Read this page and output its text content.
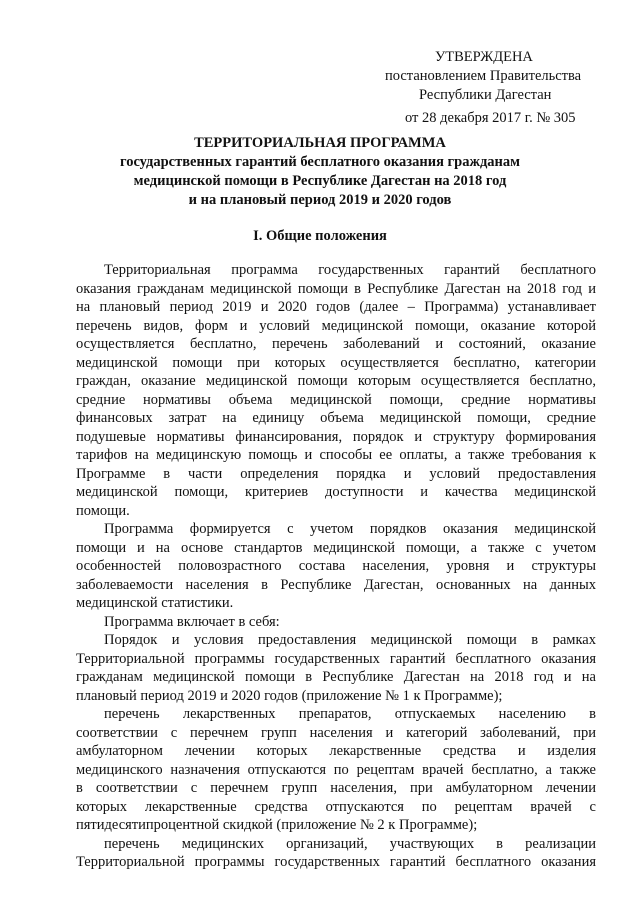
УТВЕРЖДЕНА
постановлением Правительства
Республики Дагестан
от 28 декабря 2017 г. № 305
ТЕРРИТОРИАЛЬНАЯ ПРОГРАММА
государственных гарантий бесплатного оказания гражданам
медицинской помощи в Республике Дагестан на 2018 год
и на плановый период 2019 и 2020 годов
I. Общие положения
Территориальная программа государственных гарантий бесплатного
оказания гражданам медицинской помощи в Республике Дагестан на 2018 год и
на плановый период 2019 и 2020 годов (далее – Программа) устанавливает
перечень видов, форм и условий медицинской помощи, оказание которой
осуществляется бесплатно, перечень заболеваний и состояний, оказание
медицинской помощи при которых осуществляется бесплатно, категории
граждан, оказание медицинской помощи которым осуществляется бесплатно,
средние нормативы объема медицинской помощи, средние нормативы
финансовых затрат на единицу объема медицинской помощи, средние
подушевые нормативы финансирования, порядок и структуру формирования
тарифов на медицинскую помощь и способы ее оплаты, а также требования к
Программе в части определения порядка и условий предоставления
медицинской помощи, критериев доступности и качества медицинской
помощи.
Программа формируется с учетом порядков оказания медицинской
помощи и на основе стандартов медицинской помощи, а также с учетом
особенностей половозрастного состава населения, уровня и структуры
заболеваемости населения в Республике Дагестан, основанных на данных
медицинской статистики.
Программа включает в себя:
Порядок и условия предоставления медицинской помощи в рамках
Территориальной программы государственных гарантий бесплатного оказания
гражданам медицинской помощи в Республике Дагестан на 2018 год и на
плановый период 2019 и 2020 годов (приложение № 1 к Программе);
перечень лекарственных препаратов, отпускаемых населению в
соответствии с перечнем групп населения и категорий заболеваний, при
амбулаторном лечении которых лекарственные средства и изделия
медицинского назначения отпускаются по рецептам врачей бесплатно, а также
в соответствии с перечнем групп населения, при амбулаторном лечении
которых лекарственные средства отпускаются по рецептам врачей с
пятидесятипроцентной скидкой (приложение № 2 к Программе);
перечень медицинских организаций, участвующих в реализации
Территориальной программы государственных гарантий бесплатного оказания
